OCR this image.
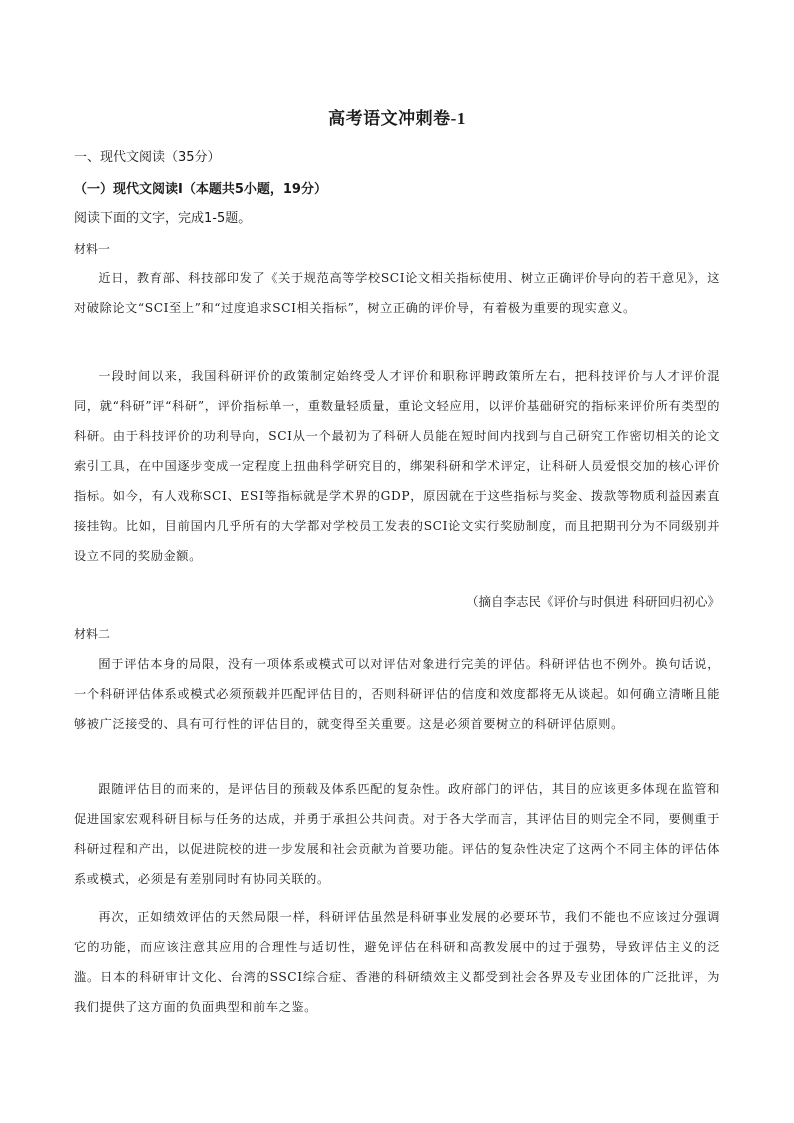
高考语文冲刺卷-1
一、现代文阅读（35分）
（一）现代文阅读Ⅰ（本题共5小题，19分）
阅读下面的文字，完成1-5题。
材料一
近日，教育部、科技部印发了《关于规范高等学校SCI论文相关指标使用、树立正确评价导向的若干意见》，这对破除论文“SCI至上”和“过度追求SCI相关指标”，树立正确的评价导，有着极为重要的现实意义。
一段时间以来，我国科研评价的政策制定始终受人才评价和职称评聘政策所左右，把科技评价与人才评价混同，就“科研”评“科研”，评价指标单一，重数量轻质量，重论文轻应用，以评价基础研究的指标来评价所有类型的科研。由于科技评价的功利导向，SCI从一个最初为了科研人员能在短时间内找到与自己研究工作密切相关的论文索引工具，在中国逐步变成一定程度上扭曲科学研究目的，绑架科研和学术评定，让科研人员爱恨交加的核心评价指标。如今，有人戏称SCI、ESI等指标就是学术界的GDP，原因就在于这些指标与奖金、拨款等物质利益因素直接挂钩。比如，目前国内几乎所有的大学都对学校员工发表的SCI论文实行奖励制度，而且把期刊分为不同级别并设立不同的奖励金额。
（摘自李志民《评价与时俱进 科研回归初心》
材料二
囿于评估本身的局限，没有一项体系或模式可以对评估对象进行完美的评估。科研评估也不例外。换句话说，一个科研评估体系或模式必须预载并匹配评估目的，否则科研评估的信度和效度都将无从谈起。如何确立清晰且能够被广泛接受的、具有可行性的评估目的，就变得至关重要。这是必须首要树立的科研评估原则。
跟随评估目的而来的，是评估目的预载及体系匹配的复杂性。政府部门的评估，其目的应该更多体现在监管和促进国家宏观科研目标与任务的达成，并勇于承担公共问责。对于各大学而言，其评估目的则完全不同，要侧重于科研过程和产出，以促进院校的进一步发展和社会贡献为首要功能。评估的复杂性决定了这两个不同主体的评估体系或模式，必须是有差别同时有协同关联的。
再次，正如绩效评估的天然局限一样，科研评估虽然是科研事业发展的必要环节，我们不能也不应该过分强调它的功能，而应该注意其应用的合理性与适切性，避免评估在科研和高教发展中的过于强势，导致评估主义的泛滥。日本的科研审计文化、台湾的SSCI综合症、香港的科研绩效主义都受到社会各界及专业团体的广泛批评，为我们提供了这方面的负面典型和前车之鉴。
